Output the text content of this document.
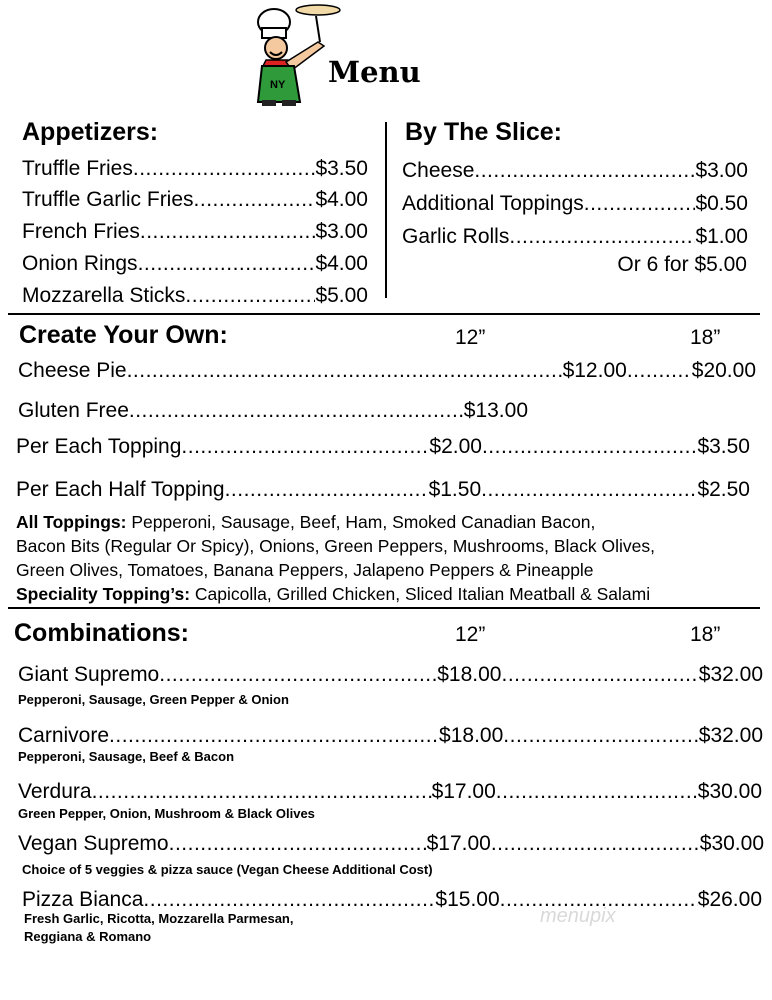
NY Menu
Appetizers:
Truffle Fries .....	$3.50
Truffle Garlic Fries .....	$4.00
French Fries .....	$3.00
Onion Rings .....	$4.00
Mozzarella Sticks .....	$5.00
By The Slice:
Cheese .....	$3.00
Additional Toppings .....	$0.50
Garlic Rolls .....	$1.00
Or 6 for $5.00
Create Your Own:	12”	18”
Cheese Pie .....	$12.00 .....	$20.00
Gluten Free .....	$13.00
Per Each Topping .....	$2.00 .....	$3.50
Per Each Half Topping .....	$1.50 .....	$2.50
All Toppings: Pepperoni, Sausage, Beef, Ham, Smoked Canadian Bacon,
Bacon Bits (Regular Or Spicy), Onions, Green Peppers, Mushrooms, Black Olives,
Green Olives, Tomatoes, Banana Peppers, Jalapeno Peppers & Pineapple
Speciality Topping’s: Capicolla, Grilled Chicken, Sliced Italian Meatball & Salami
Combinations:	12”	18”
Giant Supremo .....	$18.00 .....	$32.00
Pepperoni, Sausage, Green Pepper & Onion
Carnivore .....	$18.00 .....	$32.00
Pepperoni, Sausage, Beef & Bacon
Verdura .....	$17.00 .....	$30.00
Green Pepper, Onion, Mushroom & Black Olives
Vegan Supremo .....	$17.00 .....	$30.00
Choice of 5 veggies & pizza sauce (Vegan Cheese Additional Cost)
Pizza Bianca .....	$15.00 .....	$26.00
Fresh Garlic, Ricotta, Mozzarella Parmesan,
Reggiana & Romano
menupix
